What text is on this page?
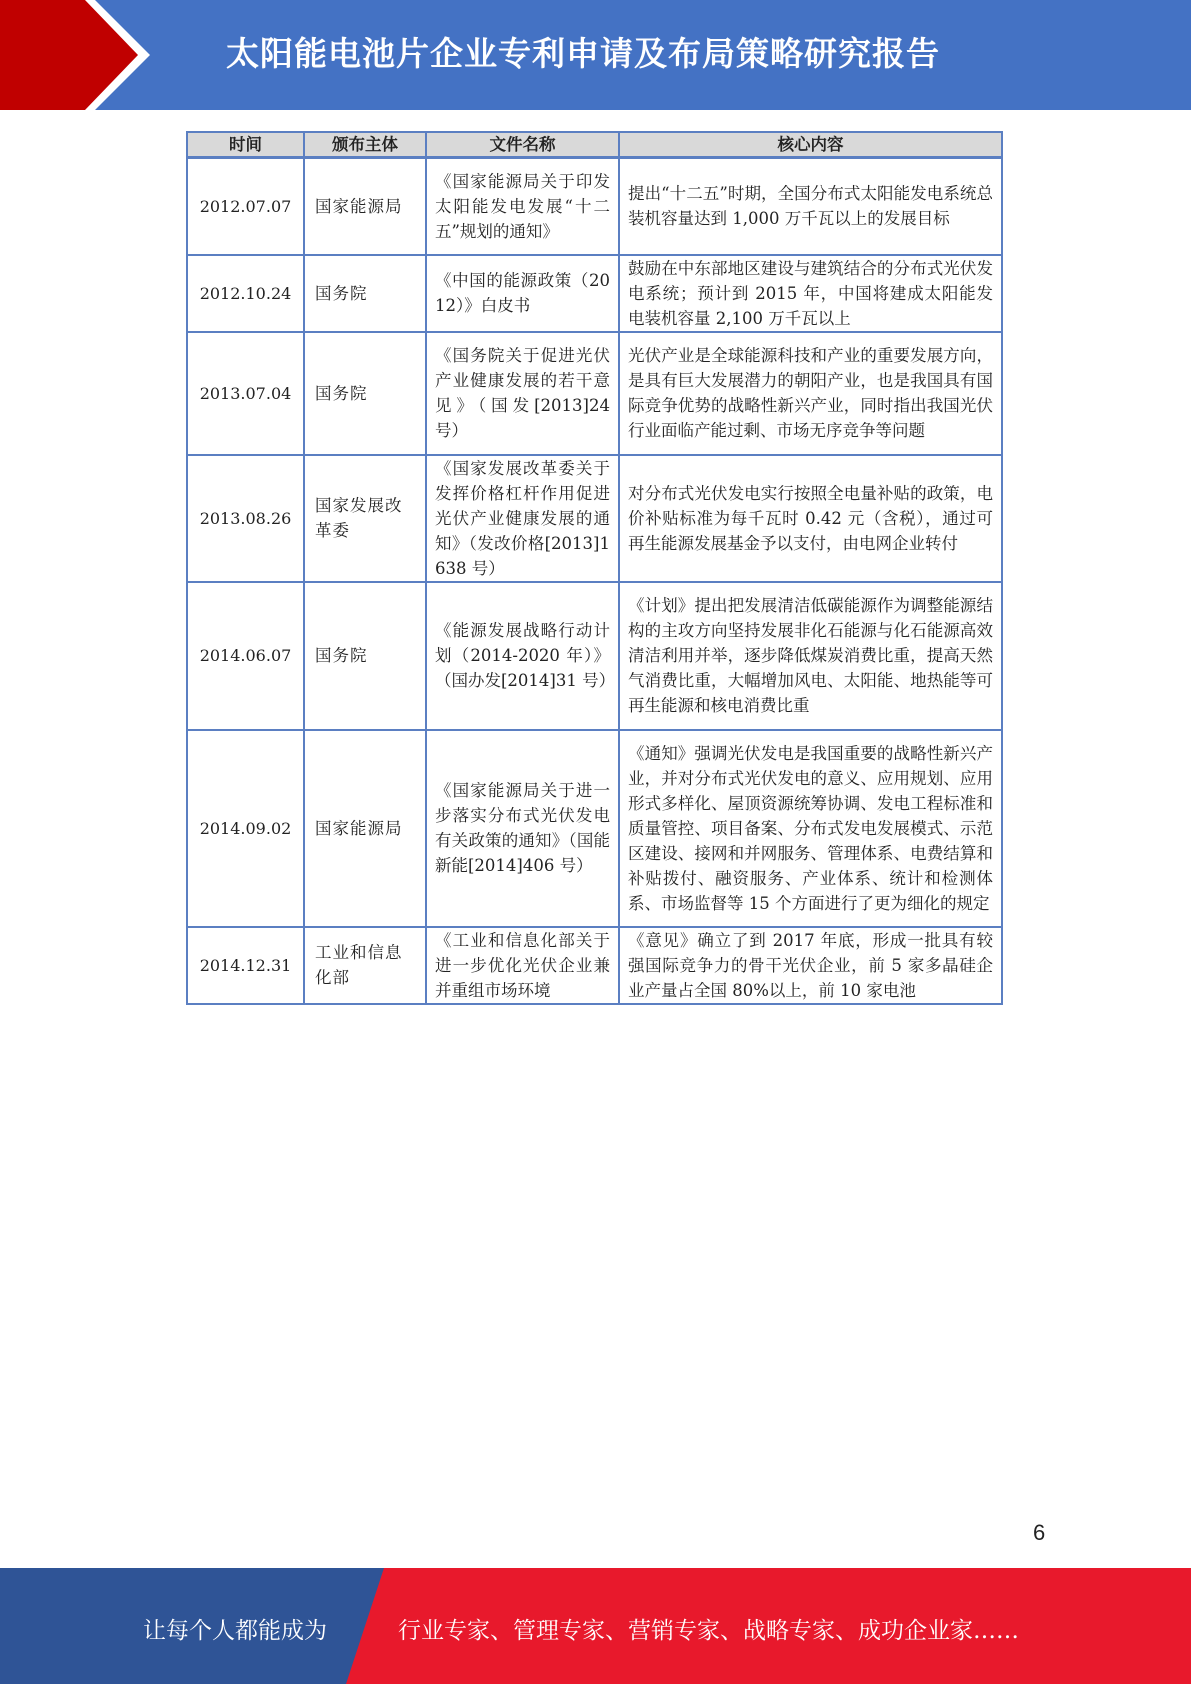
太阳能电池片企业专利申请及布局策略研究报告
时间	颁布主体	文件名称	核心内容
2012.07.07	国家能源局	《国家能源局关于印发太阳能发电发展“十二五”规划的通知》	提出“十二五”时期，全国分布式太阳能发电系统总装机容量达到 1,000 万千瓦以上的发展目标
2012.10.24	国务院	《中国的能源政策（2012）》白皮书	鼓励在中东部地区建设与建筑结合的分布式光伏发电系统；预计到 2015 年，中国将建成太阳能发电装机容量 2,100 万千瓦以上
2013.07.04	国务院	《国务院关于促进光伏产业健康发展的若干意见》（国发[2013]24 号）	光伏产业是全球能源科技和产业的重要发展方向，是具有巨大发展潜力的朝阳产业，也是我国具有国际竞争优势的战略性新兴产业，同时指出我国光伏行业面临产能过剩、市场无序竞争等问题
2013.08.26	国家发展改革委	《国家发展改革委关于发挥价格杠杆作用促进光伏产业健康发展的通知》（发改价格[2013]1638 号）	对分布式光伏发电实行按照全电量补贴的政策，电价补贴标准为每千瓦时 0.42 元（含税），通过可再生能源发展基金予以支付，由电网企业转付
2014.06.07	国务院	《能源发展战略行动计划（2014-2020 年）》（国办发[2014]31 号）	《计划》提出把发展清洁低碳能源作为调整能源结构的主攻方向坚持发展非化石能源与化石能源高效清洁利用并举，逐步降低煤炭消费比重，提高天然气消费比重，大幅增加风电、太阳能、地热能等可再生能源和核电消费比重
2014.09.02	国家能源局	《国家能源局关于进一步落实分布式光伏发电有关政策的通知》（国能新能[2014]406 号）	《通知》强调光伏发电是我国重要的战略性新兴产业，并对分布式光伏发电的意义、应用规划、应用形式多样化、屋顶资源统筹协调、发电工程标准和质量管控、项目备案、分布式发电发展模式、示范区建设、接网和并网服务、管理体系、电费结算和补贴拨付、融资服务、产业体系、统计和检测体系、市场监督等 15 个方面进行了更为细化的规定
2014.12.31	工业和信息化部	《工业和信息化部关于进一步优化光伏企业兼并重组市场环境	《意见》确立了到 2017 年底，形成一批具有较强国际竞争力的骨干光伏企业，前 5 家多晶硅企业产量占全国 80%以上，前 10 家电池
6
让每个人都能成为	行业专家、管理专家、营销专家、战略专家、成功企业家……
